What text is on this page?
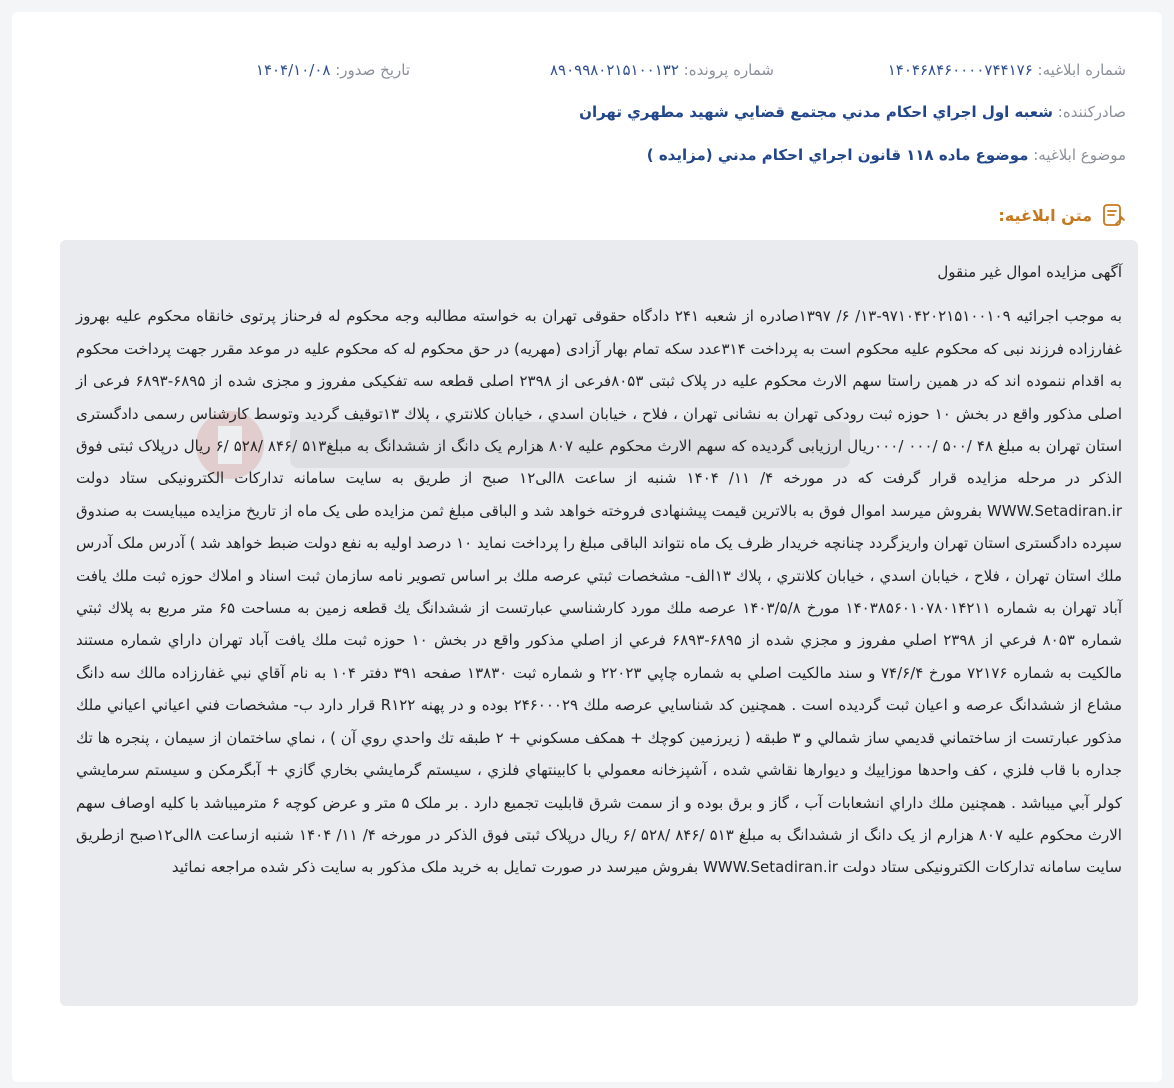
شماره ابلاغیه: ۱۴۰۴۶۸۴۶۰۰۰۰۷۴۴۱۷۶
شماره پرونده: ۸۹۰۹۹۸۰۲۱۵۱۰۰۱۳۲
تاریخ صدور: ۱۴۰۴/۱۰/۰۸
صادرکننده: شعبه اول اجراي احكام مدني مجتمع قضايي شهيد مطهري تهران
موضوع ابلاغیه: موضوع ماده ۱۱۸ قانون اجراي احكام مدني (مزايده )
متن ابلاغیه:

آگهی مزایده اموال غیر منقول

به موجب اجرائیه ۹۷۱۰۴۲۰۲۱۵۱۰۰۱۰۹-۱۳/ ۶/ ۱۳۹۷صادره از شعبه ۲۴۱ دادگاه حقوقی تهران به خواسته مطالبه وجه محکوم له فرحناز پرتوی خانقاه محکوم علیه بهروز غفارزاده فرزند نبی که محکوم علیه محکوم است به پرداخت ۳۱۴عدد سکه تمام بهار آزادی (مهریه) در حق محکوم له که محکوم علیه در موعد مقرر جهت پرداخت محکوم به اقدام ننموده اند که در همین راستا سهم الارث محکوم علیه در پلاک ثبتی ۸۰۵۳فرعی از ۲۳۹۸ اصلی قطعه سه تفکیکی مفروز و مجزی شده از ۶۸۹۵-۶۸۹۳ فرعی از اصلی مذکور واقع در بخش ۱۰ حوزه ثبت رودکی تهران به نشانی تهران ، فلاح ، خيابان اسدي ، خيابان كلانتري ، پلاك ۱۳توقیف گردید وتوسط کارشناس رسمی دادگستری استان تهران به مبلغ ۴۸ /۵۰۰ /۰۰۰ /۰۰۰ریال ارزیابی گردیده که سهم الارث محکوم علیه ۸۰۷ هزارم یک دانگ از ششدانگ به مبلغ۵۱۳ /۸۴۶ /۵۲۸ /۶ ریال درپلاک ثبتی فوق الذکر در مرحله مزایده قرار گرفت که در مورخه ۴/ ۱۱/ ۱۴۰۴ شنبه از ساعت ۸الی۱۲ صبح از طریق به سایت سامانه تدارکات الکترونیکی ستاد دولت WWW.Setadiran.ir بفروش میرسد اموال فوق به بالاترین قیمت پیشنهادی فروخته خواهد شد و الباقی مبلغ ثمن مزایده طی یک ماه از تاریخ مزایده میبایست به صندوق سپرده دادگستری استان تهران واریزگردد چنانچه خریدار ظرف یک ماه نتواند الباقی مبلغ را پرداخت نماید ۱۰ درصد اولیه به نفع دولت ضبط خواهد شد ) آدرس ملک آدرس ملك استان تهران ، فلاح ، خيابان اسدي ، خيابان كلانتري ، پلاك ۱۳الف- مشخصات ثبتي عرصه ملك بر اساس تصوير نامه سازمان ثبت اسناد و املاك حوزه ثبت ملك يافت آباد تهران به شماره ۱۴۰۳۸۵۶۰۱۰۷۸۰۱۴۲۱۱ مورخ ۱۴۰۳/۵/۸ عرصه ملك مورد كارشناسي عبارتست از ششدانگ يك قطعه زمين به مساحت ۶۵ متر مربع به پلاك ثبتي شماره ۸۰۵۳ فرعي از ۲۳۹۸ اصلي مفروز و مجزي شده از ۶۸۹۵-۶۸۹۳ فرعي از اصلي مذكور واقع در بخش ۱۰ حوزه ثبت ملك يافت آباد تهران داراي شماره مستند مالكيت به شماره ۷۲۱۷۶ مورخ ۷۴/۶/۴ و سند مالكيت اصلي به شماره چاپي ۲۲۰۲۳ و شماره ثبت ۱۳۸۳۰ صفحه ۳۹۱ دفتر ۱۰۴ به نام آقاي نبي غفارزاده مالك سه دانگ مشاع از ششدانگ عرصه و اعيان ثبت گرديده است . همچنين كد شناسايي عرصه ملك ۲۴۶۰۰۰۲۹ بوده و در پهنه R۱۲۲ قرار دارد ب- مشخصات فني اعياني اعياني ملك مذكور عبارتست از ساختماني قديمي ساز شمالي و ۳ طبقه ( زيرزمين كوچك + همكف مسكوني + ۲ طبقه تك واحدي روي آن ) ، نماي ساختمان از سيمان ، پنجره ها تك جداره با قاب فلزي ، كف واحدها موزاييك و ديوارها نقاشي شده ، آشپزخانه معمولي با كابينتهاي فلزي ، سيستم گرمايشي بخاري گازي + آبگرمكن و سيستم سرمايشي كولر آبي ميباشد . همچنين ملك داراي انشعابات آب ، گاز و برق بوده و از سمت شرق قابليت تجميع دارد . بر ملک ۵ متر و عرض کوچه ۶ مترمیباشد با کلیه اوصاف سهم الارث محکوم علیه ۸۰۷ هزارم از یک دانگ از ششدانگ به مبلغ ۵۱۳ /۸۴۶ /۵۲۸ /۶ ریال درپلاک ثبتی فوق الذکر در مورخه ۴/ ۱۱/ ۱۴۰۴ شنبه ازساعت ۸الی۱۲صبح ازطریق سایت سامانه تدارکات الکترونیکی ستاد دولت WWW.Setadiran.ir بفروش میرسد در صورت تمایل به خرید ملک مذکور به سایت ذکر شده مراجعه نمائید
